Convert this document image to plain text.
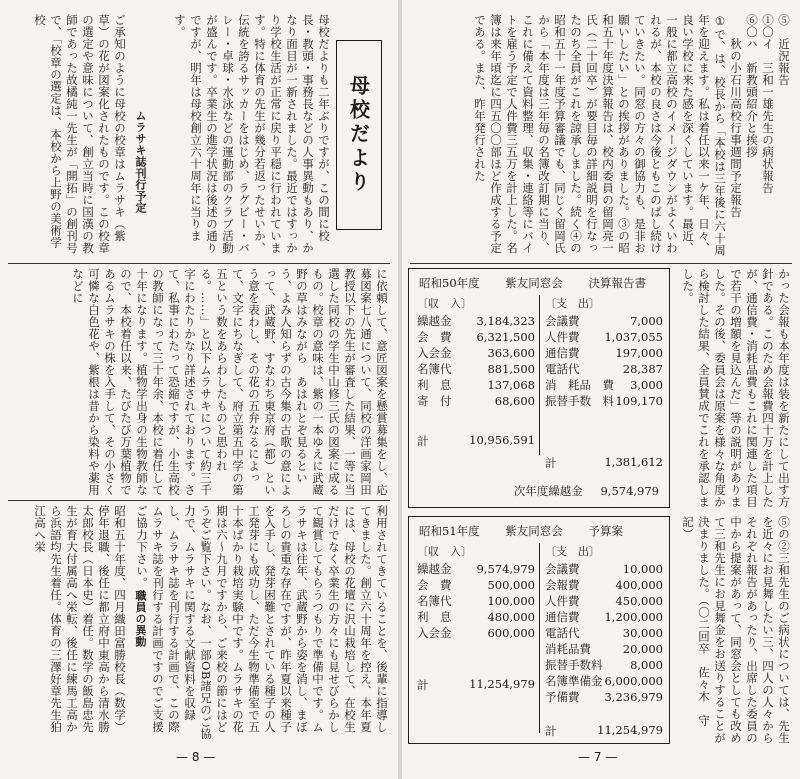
母校だより
母校だよりも二年ぶりですが、この間に校長・教頭・事務長などの人事異動もあり、かなり面目が一新されました。最近ではすっかり学校生活が正常に戻り平穏に行われています。特に体育の先生が幾分若返ったせいか、伝統を誇るサッカーをはじめ、ラグビー・バレー・卓球・水泳などの運動部のクラブ活動が盛んです。卒業生の進学状況は後述の通りですが、明年は母校創立六十周年に当ります。
ご承知のように母校の校章はムラサキ（紫草）の花が図案化されたものです。この校章の選定や意味について、創立当時に国漢の教師であった故橘純一先生が「開拓」の創刊号で、「校章の選定は、本校から上野の美術学校
ムラサキ誌刊行予定
に依頼して、意匠図案を懸賞募集をし、応募図案七八通について、同校の洋画家岡田教授以下の先生が審査した結果、一等に当選した同校の学生中山修三氏の図案に成るもの。校章の意味は、紫の一本ゆえに武蔵野の草はみながら　あはれとぞ見るという、よみ人知らずの古今集の古歌の意によって、武蔵野、すなわち東京府（都）という意を表わし、その花の五弁なるによって、文字にちなぎして、府立第五中学の第五という数をあらわしたものと思われる。……」と以下ムラサキについて約三千字にわたりかなり詳述されております。さて、私事にわたって恐縮ですが、小生高校の教師になって三十年余、本校に着任して十年になります。植物学出身の生物教師なので、本校着任以来、たびたび万葉植物であるムラサキの株を入手して、その小さく可憐な白色花や、紫根は昔から染料や薬用などに
利用されてきていることを、後輩に指導してきました。創立六十周年を控え、本年夏には、母校の花壇に沢山栽培して、在校生だけでなく卒業生の方々にも見せびらかして観賞してもらうつもりで準備中です。ムラサキは往年、武蔵野から姿を消し、まぼろしの貴重な存在ですが、昨年夏以来種子を入手し、発芽困難とされている種子の人工発芽にも成功し、ただ今生物準備室で五十本ばかり栽培実験中です。ムラサキの花期は六〜九月ですから、ご来校の節にはどうぞご覧下さい。なお、一部OB諸兄のご協力で、ムラサキに関する文献資料を収録し、ムラサキ誌を刊行する計画で、この際ムラサキ誌を刊行する計画ですのでご支援ご協力下さい。
職員の異動
昭和五十年度、四月織田富勝校長（数学）停年退職、後任に都立府中東高から清水勝太郎校長（日本史）着任。数学の飯島忠先生が育大付属高へ栄転、後任に練馬工高から浜語均先生着任。体育の三澤好章先生狛江高へ栄
— 8 —
⑤　近況報告
①〇イ　三和一雄先生の病状報告
⑥〇ハ　新教頭紹介と挨拶
　　秋の小石川高校行事週間予定報告
①で、は、校長から「本校は三年後に六十周年を迎えます。私は着任以来一ケ年、日々、良い学校に来た感を深くしています。最近、一般に都立高校のイメージダウンがよくいわれるが、本校の良さは今後ともこのばし続けていきたい。同窓の方々の御協力も、是非お願いしたい」との挨拶がありました。③の昭和五十年度決算報告は、校内委員の留岡亮一氏（二十回卒）が要目毎の詳細説明を行なったのち全員がこれを諒承しました。続く④の昭和五十一年度予算審議でも、同じく留岡氏から「本年度は三年毎の名簿改訂期に当り、これに備えて資料整理、収集・連絡等にバイトを雇う予定で人件費三五万を計上した。名簿は来年頃迄に四五〇〇部ほど作成する予定である。また、昨年発行された
昭和50年度 紫友同窓会 決算報告書
〔収　入〕
繰越金 3,184,323
会　費 6,321,500
入会金	363,600
名簿代	881,500
利　息	137,068
寄　付	68,600
〔支　出〕
会議費	7,000
人件費 1,037,055
通信費	197,000
電話代	28,387
消　耗品　費 3,000
振替手数　料 109,170
計	10,956,591
計	1,381,612
次年度繰越金 9,574,979
昭和51年度 紫友同窓会 予算案
〔収　入〕
繰越金 9,574,979
会　費	500,000
名簿代	100,000
利　息	480,000
入会金	600,000
〔支　出〕
会議費	10,000
会報費	400,000
人件費	450,000
通信費 1,200,000
電話代	30,000
消耗品費	20,000
振替手数料 8,000
名簿準備金 6,000,000
予備費 3,236,979
計	11,254,979
計	11,254,979
かった会報も本年度は装を新たにして出す方針である。このため会報費四十万を計上したが、通信費・消耗品費もこれに関連した項目で若干の増額を見込んだ」等の説明がありました。その後、委員会は原案を様々な角度から検討した結果、全員賛成でこれを承認しました。
⑤の②三和先生のご病状については、先生を近々にお見舞したい三、四人の人々からそれぞれ報告があったり、出席した委員の中から提案があって、同窓会としても改めて三和先生にお見舞金をお送りすることが決まりました。（〇二回卒　佐々木　守　記）
— 7 —
